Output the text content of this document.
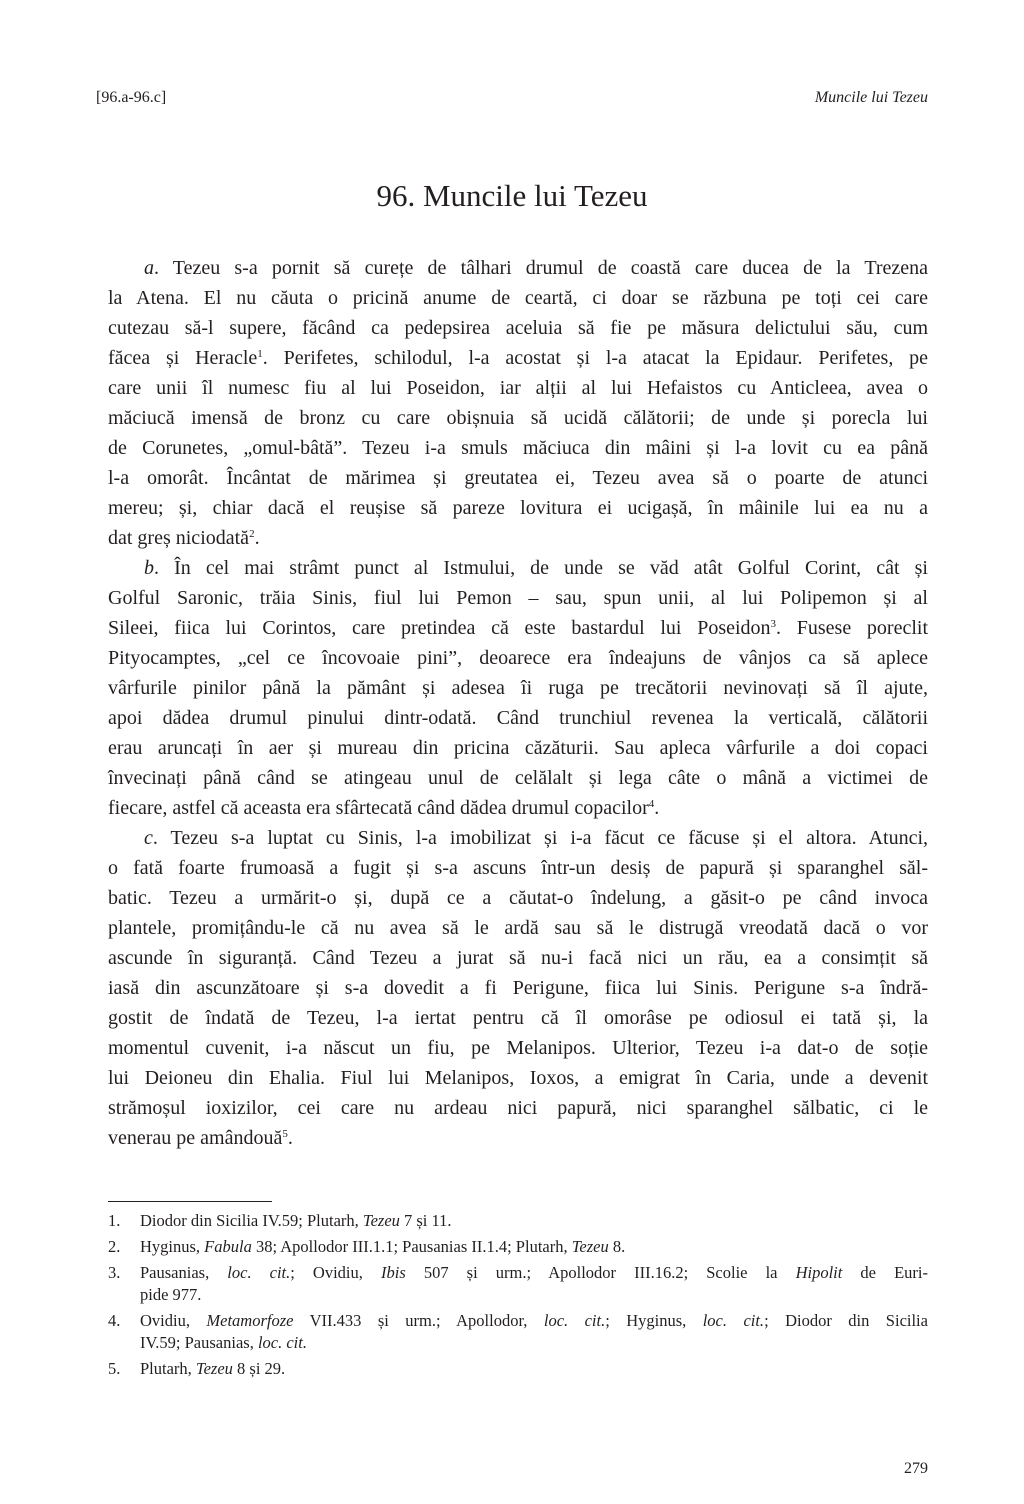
[96.a-96.c]	Muncile lui Tezeu
96. Muncile lui Tezeu
a. Tezeu s-a pornit să curețe de tâlhari drumul de coastă care ducea de la Trezena
la Atena. El nu căuta o pricină anume de ceartă, ci doar se răzbuna pe toți cei care
cutezau să-l supere, făcând ca pedepsirea aceluia să fie pe măsura delictului său, cum
făcea și Heracle$^1$. Perifetes, schilodul, l-a acostat și l-a atacat la Epidaur. Perifetes, pe
care unii îl numesc fiu al lui Poseidon, iar alții al lui Hefaistos cu Anticleea, avea o
măciucă imensă de bronz cu care obișnuia să ucidă călătorii; de unde și porecla lui
de Corunetes, „omul-bâtă”. Tezeu i-a smuls măciuca din mâini și l-a lovit cu ea până
l-a omorât. Încântat de mărimea și greutatea ei, Tezeu avea să o poarte de atunci
mereu; și, chiar dacă el reușise să pareze lovitura ei ucigașă, în mâinile lui ea nu a
dat greș niciodată$^2$.
b. În cel mai strâmt punct al Istmului, de unde se văd atât Golful Corint, cât și
Golful Saronic, trăia Sinis, fiul lui Pemon – sau, spun unii, al lui Polipemon și al
Sileei, fiica lui Corintos, care pretindea că este bastardul lui Poseidon$^3$. Fusese poreclit
Pityocamptes, „cel ce încovoaie pini”, deoarece era îndeajuns de vânjos ca să aplece
vârfurile pinilor până la pământ și adesea îi ruga pe trecătorii nevinovați să îl ajute,
apoi dădea drumul pinului dintr-odată. Când trunchiul revenea la verticală, călătorii
erau aruncați în aer și mureau din pricina căzăturii. Sau apleca vârfurile a doi copaci
învecinați până când se atingeau unul de celălalt și lega câte o mână a victimei de
fiecare, astfel că aceasta era sfârtecată când dădea drumul copacilor$^4$.
c. Tezeu s-a luptat cu Sinis, l-a imobilizat și i-a făcut ce făcuse și el altora. Atunci,
o fată foarte frumoasă a fugit și s-a ascuns într-un desiș de papură și sparanghel săl-
batic. Tezeu a urmărit-o și, după ce a căutat-o îndelung, a găsit-o pe când invoca
plantele, promițându-le că nu avea să le ardă sau să le distrugă vreodată dacă o vor
ascunde în siguranță. Când Tezeu a jurat să nu-i facă nici un rău, ea a consimțit să
iasă din ascunzătoare și s-a dovedit a fi Perigune, fiica lui Sinis. Perigune s-a îndră-
gostit de îndată de Tezeu, l-a iertat pentru că îl omorâse pe odiosul ei tată și, la
momentul cuvenit, i-a născut un fiu, pe Melanipos. Ulterior, Tezeu i-a dat-o de soție
lui Deioneu din Ehalia. Fiul lui Melanipos, Ioxos, a emigrat în Caria, unde a devenit
strămoșul ioxizilor, cei care nu ardeau nici papură, nici sparanghel sălbatic, ci le
venerau pe amândouă$^5$.
1.	Diodor din Sicilia IV.59; Plutarh, Tezeu 7 și 11.
2.	Hyginus, Fabula 38; Apollodor III.1.1; Pausanias II.1.4; Plutarh, Tezeu 8.
3.	Pausanias, loc. cit.; Ovidiu, Ibis 507 și urm.; Apollodor III.16.2; Scolie la Hipolit de Euri-
pide 977.
4.	Ovidiu, Metamorfoze VII.433 și urm.; Apollodor, loc. cit.; Hyginus, loc. cit.; Diodor din Sicilia
IV.59; Pausanias, loc. cit.
5.	Plutarh, Tezeu 8 și 29.
279
